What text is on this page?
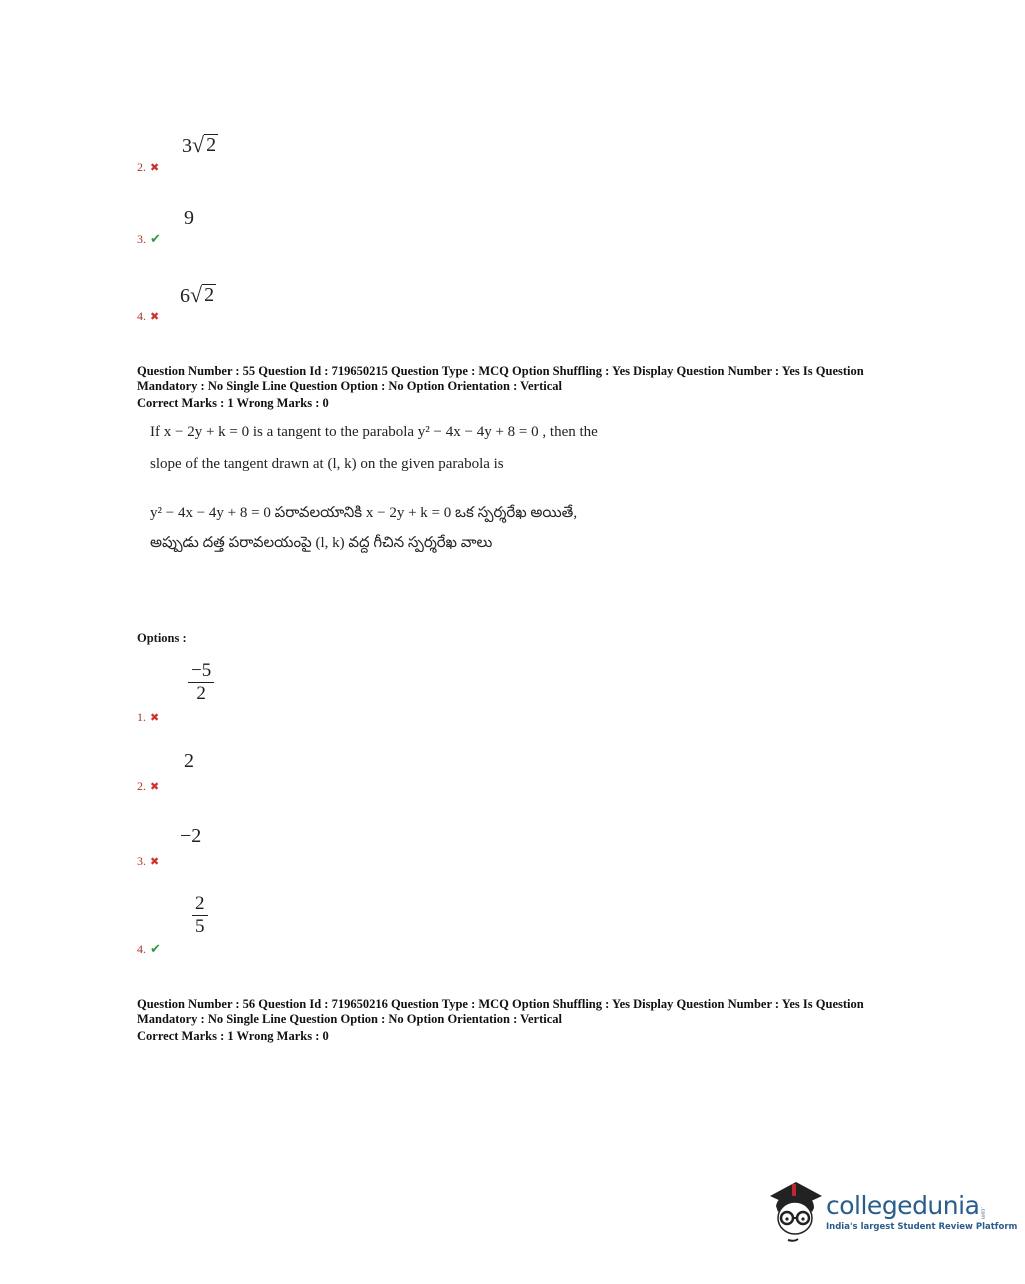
3 √ 2
2. ✖
9
3. ✔
6 √ 2
4. ✖
Question Number : 55 Question Id : 719650215 Question Type : MCQ Option Shuffling : Yes Display Question Number : Yes Is Question
Mandatory : No Single Line Question Option : No Option Orientation : Vertical
Correct Marks : 1 Wrong Marks : 0
If x − 2y + k = 0 is a tangent to the parabola y² − 4x − 4y + 8 = 0 , then the
slope of the tangent drawn at (l, k) on the given parabola is
y² − 4x − 4y + 8 = 0 పరావలయానికి x − 2y + k = 0 ఒక స్పర్శరేఖ అయితే,
అప్పుడు దత్త పరావలయంపై (l, k) వద్ద గీచిన స్పర్శరేఖ వాలు
Options :
$\frac{-5}{2}$
1. ✖
2
2. ✖
−2
3. ✖
$\frac{2}{5}$
4. ✔
Question Number : 56 Question Id : 719650216 Question Type : MCQ Option Shuffling : Yes Display Question Number : Yes Is Question
Mandatory : No Single Line Question Option : No Option Orientation : Vertical
Correct Marks : 1 Wrong Marks : 0
collegedunia .com
India's largest Student Review Platform
